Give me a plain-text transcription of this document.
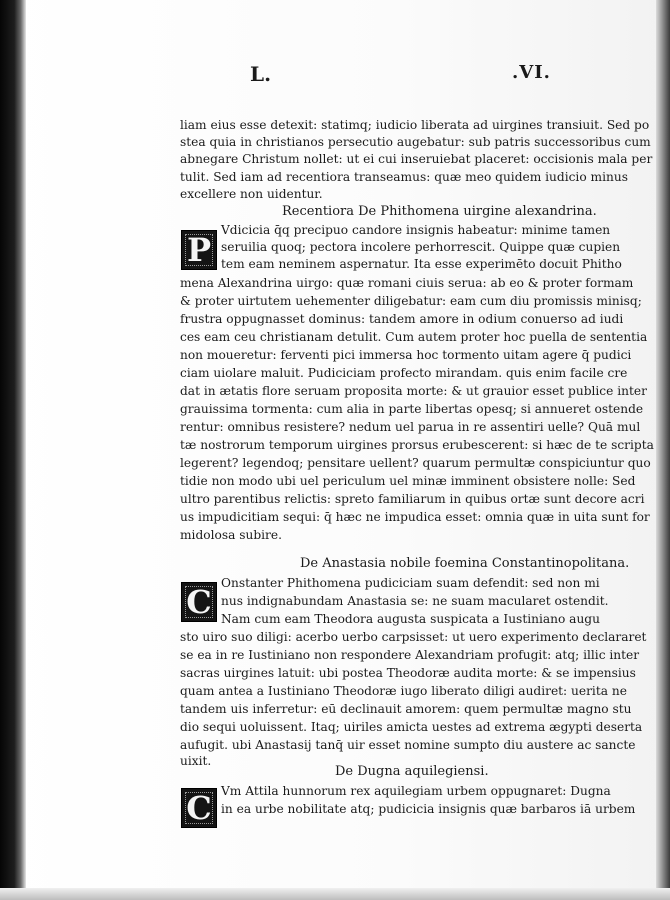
L.	.VI.
liam eius esse detexit: statimq; iudicio liberata ad uirgines transiuit. Sed po
stea quia in christianos persecutio augebatur: sub patris successoribus cum
abnegare Christum nollet: ut ei cui inseruiebat placeret: occisionis mala per
tulit. Sed iam ad recentiora transeamus: quæ meo quidem iudicio minus
excellere non uidentur.
Recentiora De Phithomena uirgine alexandrina.
P
Vdicicia q̄q precipuo candore insignis habeatur: minime tamen
seruilia quoq; pectora incolere perhorrescit. Quippe quæ cupien
tem eam neminem aspernatur. Ita esse experimēto docuit Phitho
mena Alexandrina uirgo: quæ romani ciuis serua: ab eo & proter formam
& proter uirtutem uehementer diligebatur: eam cum diu promissis minisq;
frustra oppugnasset dominus: tandem amore in odium conuerso ad iudi
ces eam ceu christianam detulit. Cum autem proter hoc puella de sententia
non moueretur: ferventi pici immersa hoc tormento uitam agere q̄ pudici
ciam uiolare maluit. Pudiciciam profecto mirandam. quis enim facile cre
dat in ætatis flore seruam proposita morte: & ut grauior esset publice inter
grauissima tormenta: cum alia in parte libertas opesq; si annueret ostende
rentur: omnibus resistere? nedum uel parua in re assentiri uelle? Quā mul
tæ nostrorum temporum uirgines prorsus erubescerent: si hæc de te scripta
legerent? legendoq; pensitare uellent? quarum permultæ conspiciuntur quo
tidie non modo ubi uel periculum uel minæ imminent obsistere nolle: Sed
ultro parentibus relictis: spreto familiarum in quibus ortæ sunt decore acri
us impudicitiam sequi: q̄ hæc ne impudica esset: omnia quæ in uita sunt for
midolosa subire.
De Anastasia nobile foemina Constantinopolitana.
C Onstanter Phithomena pudiciciam suam defendit: sed non mi
nus indignabundam Anastasia se: ne suam macularet ostendit.
Nam cum eam Theodora augusta suspicata a Iustiniano augu
sto uiro suo diligi: acerbo uerbo carpsisset: ut uero experimento declararet
se ea in re Iustiniano non respondere Alexandriam profugit: atq; illic inter
sacras uirgines latuit: ubi postea Theodoræ audita morte: & se impensius
quam antea a Iustiniano Theodoræ iugo liberato diligi audiret: uerita ne
tandem uis inferretur: eū declinauit amorem: quem permultæ magno stu
dio sequi uoluissent. Itaq; uiriles amicta uestes ad extrema ægypti deserta
aufugit. ubi Anastasij tanq̄ uir esset nomine sumpto diu austere ac sancte
uixit.
De Dugna aquilegiensi.
C Vm Attila hunnorum rex aquilegiam urbem oppugnaret: Dugna
in ea urbe nobilitate atq; pudicicia insignis quæ barbaros iā urbem
